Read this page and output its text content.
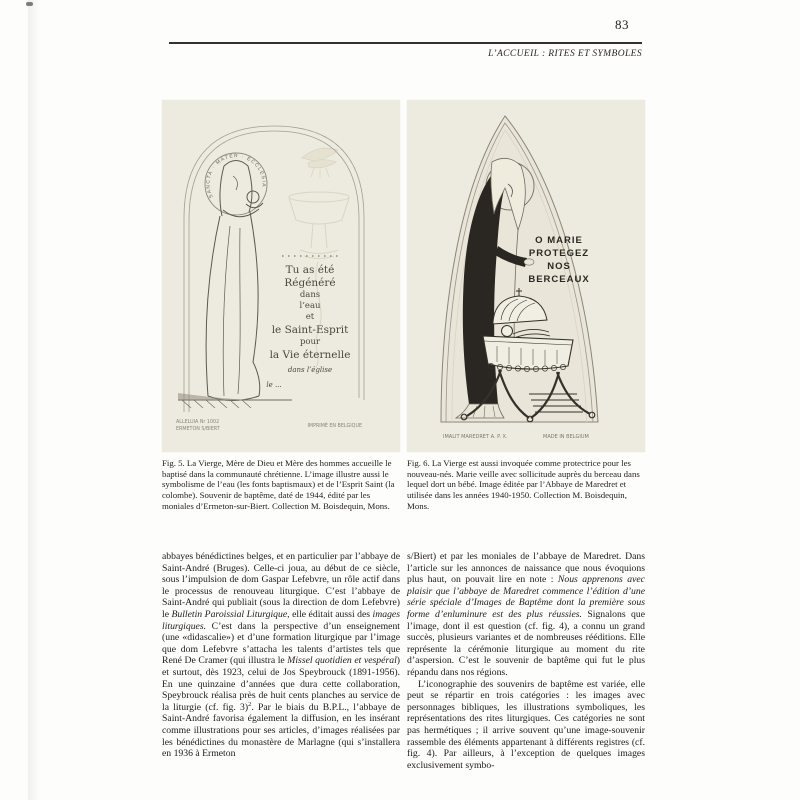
83
L’ACCUEIL : RITES ET SYMBOLES
SANCTA · MATER · ECCLESIA
Tu as été
Régénéré
dans
l’eau
et
le Saint-Esprit
pour
la Vie éternelle
dans l’église
le ...
ALLELUIA Nr 1002
ERMETON S/BIERT
IMPRIMÉ EN BELGIQUE
O MARIE
PROTEGEZ
NOS
BERCEAUX
IMALIT MAREDRET A. P. X.	MADE IN BELGIUM
Fig. 5. La Vierge, Mère de Dieu et Mère des hommes accueille le baptisé dans la communauté chrétienne. L’image illustre aussi le symbolisme de l’eau (les fonts baptismaux) et de l’Esprit Saint (la colombe). Souvenir de baptême, daté de 1944, édité par les moniales d’Ermeton-sur-Biert. Collection M. Boisdequin, Mons.
Fig. 6. La Vierge est aussi invoquée comme protectrice pour les nouveau-nés. Marie veille avec sollicitude auprès du berceau dans lequel dort un bébé. Image éditée par l’Abbaye de Maredret et utilisée dans les années 1940-1950. Collection M. Boisdequin, Mons.

abbayes bénédictines belges, et en particulier par l’abbaye de Saint-André (Bruges). Celle-ci joua, au début de ce siècle, sous l’impulsion de dom Gaspar Lefebvre, un rôle actif dans le processus de renouveau liturgique. C’est l’abbaye de Saint-André qui publiait (sous la direction de dom Lefebvre) le Bulletin Paroissial Liturgique, elle éditait aussi des images liturgiques. C’est dans la perspective d’un enseignement (une «didascalie») et d’une formation liturgique par l’image que dom Lefebvre s’attacha les talents d’artistes tels que René De Cramer (qui illustra le Missel quotidien et vespéral) et surtout, dès 1923, celui de Jos Speybrouck (1891-1956). En une quinzaine d’années que dura cette collaboration, Speybrouck réalisa près de huit cents planches au service de la liturgie (cf. fig. 3)$^2$. Par le biais du B.P.L., l’abbaye de Saint-André favorisa également la diffusion, en les insérant comme illustrations pour ses articles, d’images réalisées par les bénédictines du monastère de Marlagne (qui s’installera en 1936 à Ermeton

s/Biert) et par les moniales de l’abbaye de Maredret. Dans l’article sur les annonces de naissance que nous évoquions plus haut, on pouvait lire en note : Nous apprenons avec plaisir que l’abbaye de Maredret commence l’édition d’une série spéciale d’Images de Baptême dont la première sous forme d’enluminure est des plus réussies. Signalons que l’image, dont il est question (cf. fig. 4), a connu un grand succès, plusieurs variantes et de nombreuses rééditions. Elle représente la cérémonie liturgique au moment du rite d’aspersion. C’est le souvenir de baptême qui fut le plus répandu dans nos régions.

L’iconographie des souvenirs de baptême est variée, elle peut se répartir en trois catégories : les images avec personnages bibliques, les illustrations symboliques, les représentations des rites liturgiques. Ces catégories ne sont pas hermétiques ; il arrive souvent qu’une image-souvenir rassemble des éléments appartenant à différents registres (cf. fig. 4). Par ailleurs, à l’exception de quelques images exclusivement symbo-
